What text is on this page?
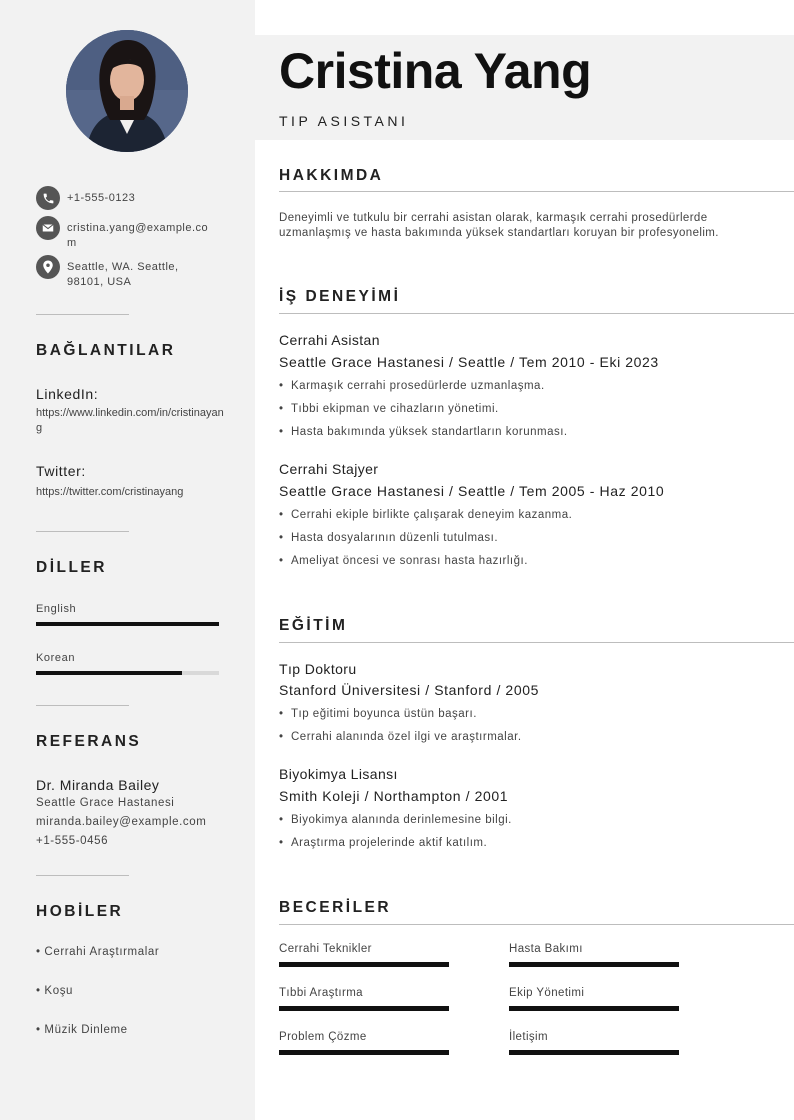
+1-555-0123
cristina.yang@example.com
Seattle, WA. Seattle, 98101, USA
BAĞLANTILAR
LinkedIn:
https://www.linkedin.com/in/cristinayang
Twitter:
https://twitter.com/cristinayang
DİLLER
English
Korean
REFERANS
Dr. Miranda Bailey
Seattle Grace Hastanesi
miranda.bailey@example.com
+1-555-0456
HOBİLER
• Cerrahi Araştırmalar
• Koşu
• Müzik Dinleme
Cristina Yang
TIP ASISTANI
HAKKIMDA
Deneyimli ve tutkulu bir cerrahi asistan olarak, karmaşık cerrahi prosedürlerde uzmanlaşmış ve hasta bakımında yüksek standartları koruyan bir profesyonelim.
İŞ DENEYİMİ
Cerrahi Asistan
Seattle Grace Hastanesi / Seattle / Tem 2010 - Eki 2023
• Karmaşık cerrahi prosedürlerde uzmanlaşma.
• Tıbbi ekipman ve cihazların yönetimi.
• Hasta bakımında yüksek standartların korunması.
Cerrahi Stajyer
Seattle Grace Hastanesi / Seattle / Tem 2005 - Haz 2010
• Cerrahi ekiple birlikte çalışarak deneyim kazanma.
• Hasta dosyalarının düzenli tutulması.
• Ameliyat öncesi ve sonrası hasta hazırlığı.
EĞİTİM
Tıp Doktoru
Stanford Üniversitesi / Stanford / 2005
• Tıp eğitimi boyunca üstün başarı.
• Cerrahi alanında özel ilgi ve araştırmalar.
Biyokimya Lisansı
Smith Koleji / Northampton / 2001
• Biyokimya alanında derinlemesine bilgi.
• Araştırma projelerinde aktif katılım.
BECERİLER
Cerrahi Teknikler	Hasta Bakımı
Tıbbi Araştırma	Ekip Yönetimi
Problem Çözme	İletişim
